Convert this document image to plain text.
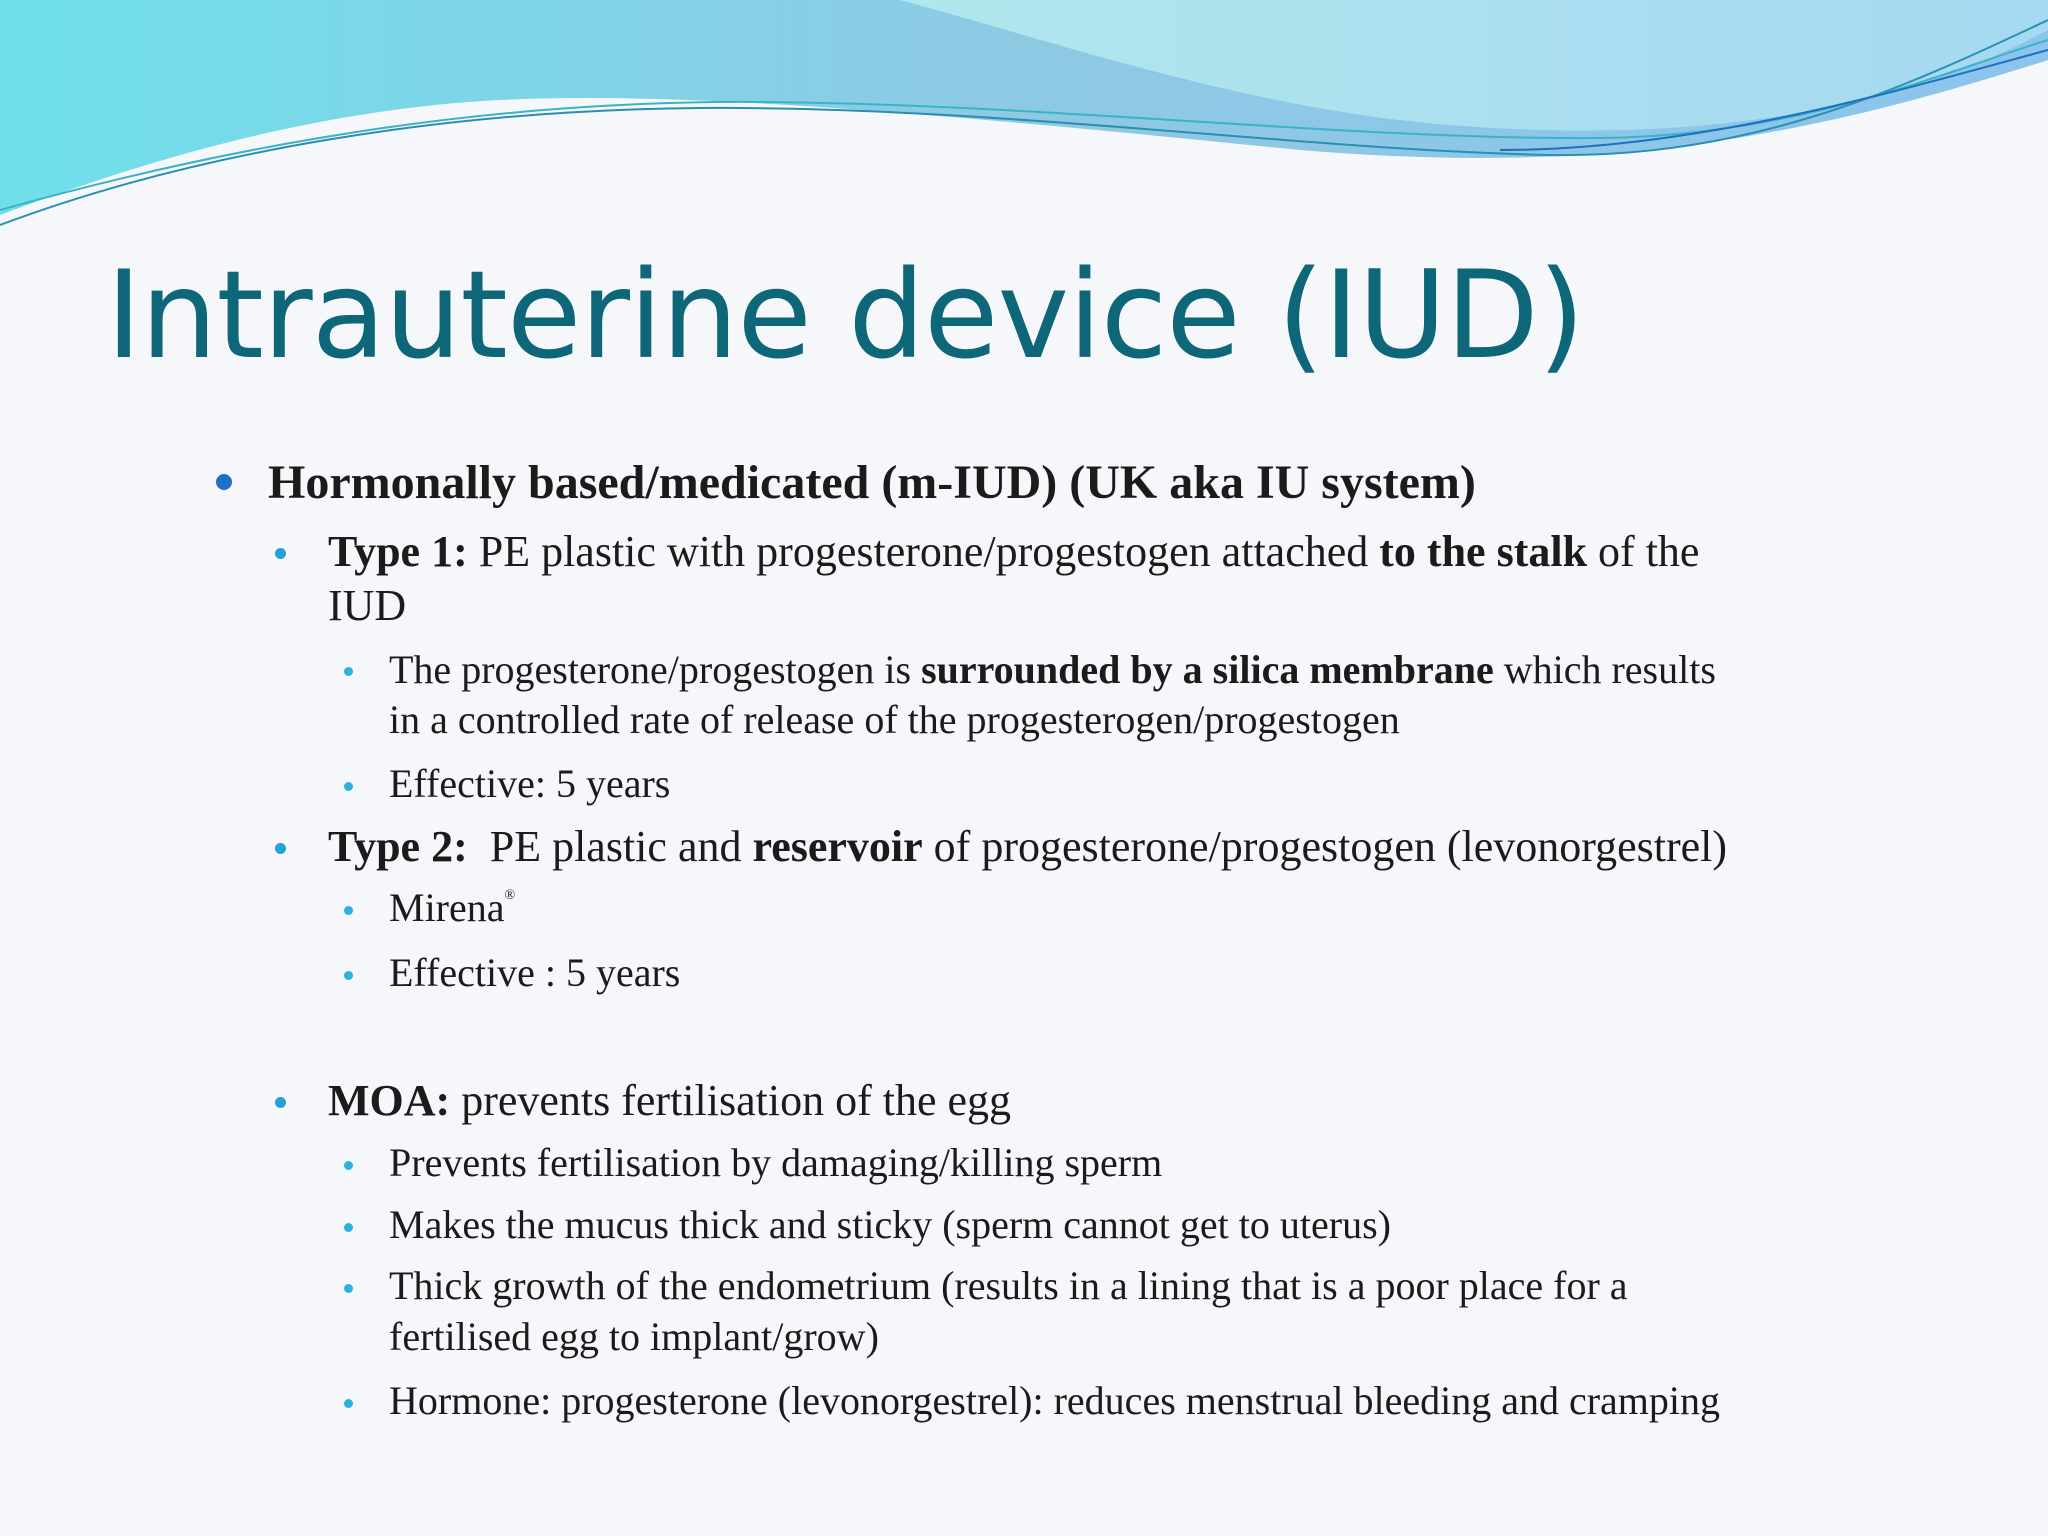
Intrauterine device (IUD)
Hormonally based/medicated (m-IUD) (UK aka IU system)
Type 1: PE plastic with progesterone/progestogen attached to the stalk of the
IUD
The progesterone/progestogen is surrounded by a silica membrane which results
in a controlled rate of release of the progesterogen/progestogen
Effective: 5 years
Type 2:  PE plastic and reservoir of progesterone/progestogen (levonorgestrel)
Mirena®
Effective : 5 years
MOA: prevents fertilisation of the egg
Prevents fertilisation by damaging/killing sperm
Makes the mucus thick and sticky (sperm cannot get to uterus)
Thick growth of the endometrium (results in a lining that is a poor place for a
fertilised egg to implant/grow)
Hormone: progesterone (levonorgestrel): reduces menstrual bleeding and cramping
